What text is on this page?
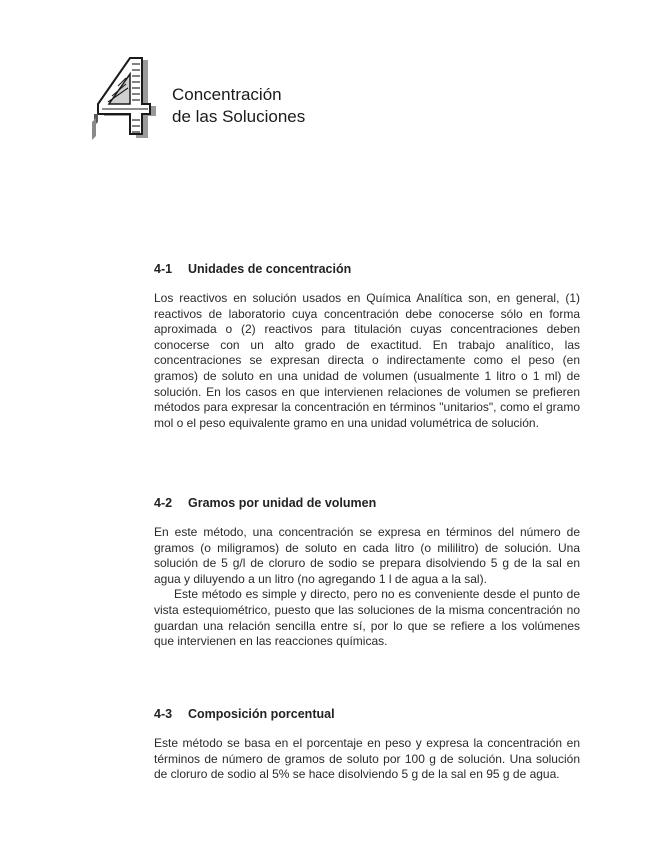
Concentración
de las Soluciones
4-1 Unidades de concentración

Los reactivos en solución usados en Química Analítica son, en general, (1) reactivos de laboratorio cuya concentración debe conocerse sólo en forma aproximada o (2) reactivos para titulación cuyas concentraciones deben conocerse con un alto grado de exactitud. En trabajo analítico, las concentraciones se expresan directa o indirectamente como el peso (en gramos) de soluto en una unidad de volumen (usualmente 1 litro o 1 ml) de solución. En los casos en que intervienen relaciones de volumen se prefieren métodos para expresar la concentración en términos "unitarios", como el gramo mol o el peso equivalente gramo en una unidad volumétrica de solución.

4-2 Gramos por unidad de volumen

En este método, una concentración se expresa en términos del número de gramos (o miligramos) de soluto en cada litro (o mililitro) de solución. Una solución de 5 g/l de cloruro de sodio se prepara disolviendo 5 g de la sal en agua y diluyendo a un litro (no agregando 1 l de agua a la sal).

Este método es simple y directo, pero no es conveniente desde el punto de vista estequiométrico, puesto que las soluciones de la misma concentración no guardan una relación sencilla entre sí, por lo que se refiere a los volúmenes que intervienen en las reacciones químicas.

4-3 Composición porcentual

Este método se basa en el porcentaje en peso y expresa la concentración en términos de número de gramos de soluto por 100 g de solución. Una solución de cloruro de sodio al 5% se hace disolviendo 5 g de la sal en 95 g de agua.
